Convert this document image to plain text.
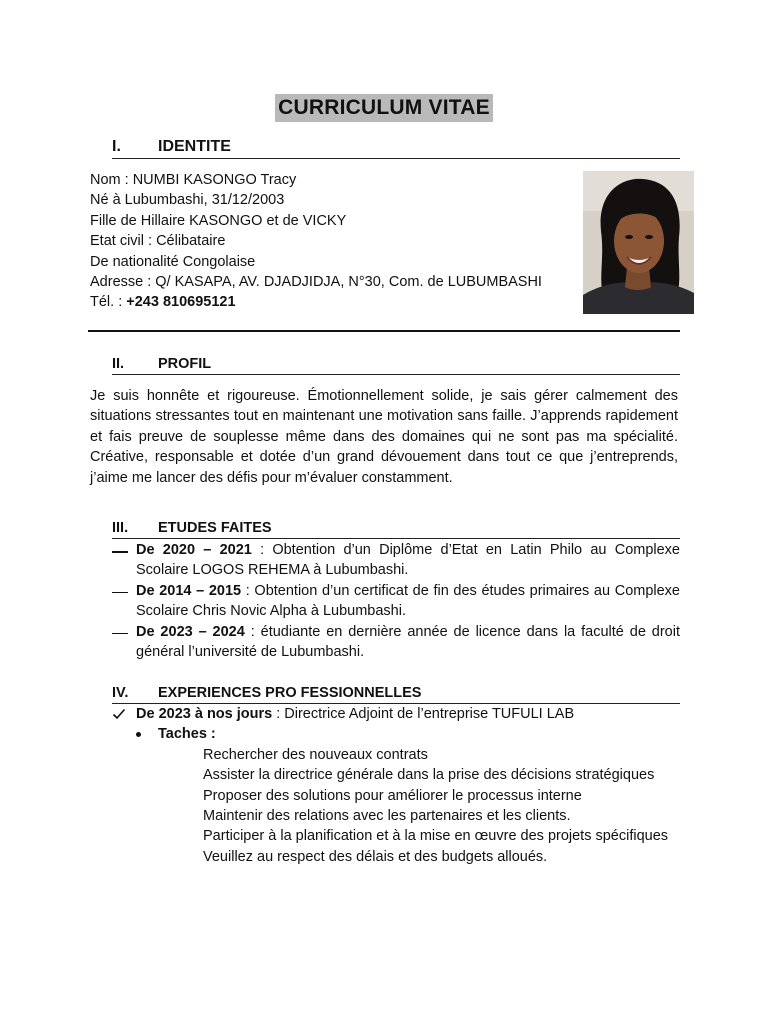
CURRICULUM VITAE
I. IDENTITE
Nom : NUMBI KASONGO Tracy
Né à Lubumbashi, 31/12/2003
Fille de Hillaire KASONGO et de VICKY
Etat civil : Célibataire
De nationalité Congolaise
Adresse : Q/ KASAPA, AV. DJADJIDJA, N°30, Com. de LUBUMBASHI
Tél. : +243 810695121
II. PROFIL
Je suis honnête et rigoureuse. Émotionnellement solide, je sais gérer calmement des situations stressantes tout en maintenant une motivation sans faille. J’apprends rapidement et fais preuve de souplesse même dans des domaines qui ne sont pas ma spécialité. Créative, responsable et dotée d’un grand dévouement dans tout ce que j’entreprends, j’aime me lancer des défis pour m’évaluer constamment.
III. ETUDES FAITES
De 2020 – 2021 : Obtention d’un Diplôme d’Etat en Latin Philo au Complexe Scolaire LOGOS REHEMA à Lubumbashi.
De 2014 – 2015 : Obtention d’un certificat de fin des études primaires au Complexe Scolaire Chris Novic Alpha à Lubumbashi.
De 2023 – 2024 : étudiante en dernière année de licence dans la faculté de droit général l’université de Lubumbashi.
IV. EXPERIENCES PRO FESSIONNELLES
De 2023 à nos jours : Directrice Adjoint de l’entreprise TUFULI LAB
Taches :
Rechercher des nouveaux contrats
Assister la directrice générale dans la prise des décisions stratégiques
Proposer des solutions pour améliorer le processus interne
Maintenir des relations avec les partenaires et les clients.
Participer à la planification et à la mise en œuvre des projets spécifiques
Veuillez au respect des délais et des budgets alloués.
